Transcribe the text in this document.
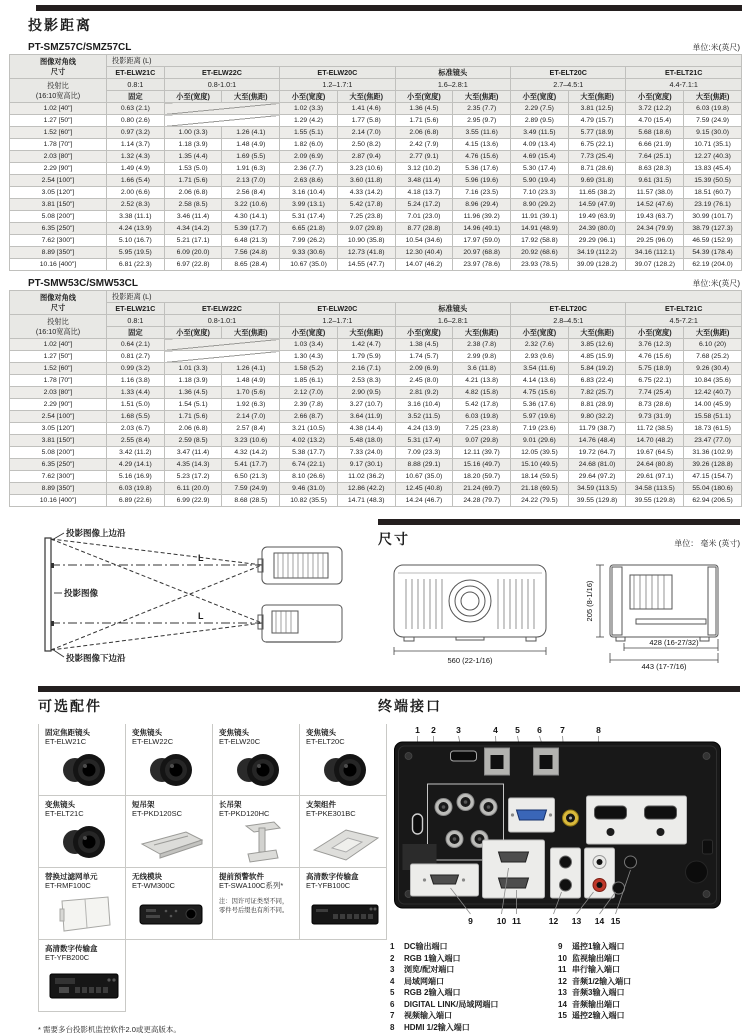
投影距离
PT-SMZ57C/SMZ57CL	单位:米(英尺)
图像对角线
尺寸	投影距离 (L)										
	ET-ELW21C	ET-ELW22C		ET-ELW20C		标准镜头		ET-ELT20C		ET-ELT21C	
投射比
(16:10宽高比)	0.8:1	0.8-1.0:1		1.2–1.7:1		1.6–2.8:1		2.7–4.5:1		4.4-7.1:1	
	固定	小至(宽度)	大至(焦距)	小至(宽度)	大至(焦距)	小至(宽度)	大至(焦距)	小至(宽度)	大至(焦距)	小至(宽度)	大至(焦距)
1.02 [40"]	0.63 (2.1)			1.02 (3.3)	1.41 (4.6)	1.36 (4.5)	2.35 (7.7)	2.29 (7.5)	3.81 (12.5)	3.72 (12.2)	6.03 (19.8)
1.27 [50"]	0.80 (2.6)			1.29 (4.2)	1.77 (5.8)	1.71 (5.6)	2.95 (9.7)	2.89 (9.5)	4.79 (15.7)	4.70 (15.4)	7.59 (24.9)
1.52 [60"]	0.97 (3.2)	1.00 (3.3)	1.26 (4.1)	1.55 (5.1)	2.14 (7.0)	2.06 (6.8)	3.55 (11.6)	3.49 (11.5)	5.77 (18.9)	5.68 (18.6)	9.15 (30.0)
1.78 [70"]	1.14 (3.7)	1.18 (3.9)	1.48 (4.9)	1.82 (6.0)	2.50 (8.2)	2.42 (7.9)	4.15 (13.6)	4.09 (13.4)	6.75 (22.1)	6.66 (21.9)	10.71 (35.1)
2.03 [80"]	1.32 (4.3)	1.35 (4.4)	1.69 (5.5)	2.09 (6.9)	2.87 (9.4)	2.77 (9.1)	4.76 (15.6)	4.69 (15.4)	7.73 (25.4)	7.64 (25.1)	12.27 (40.3)
2.29 [90"]	1.49 (4.9)	1.53 (5.0)	1.91 (6.3)	2.36 (7.7)	3.23 (10.6)	3.12 (10.2)	5.36 (17.6)	5.30 (17.4)	8.71 (28.6)	8.63 (28.3)	13.83 (45.4)
2.54 [100"]	1.66 (5.4)	1.71 (5.6)	2.13 (7.0)	2.63 (8.6)	3.60 (11.8)	3.48 (11.4)	5.96 (19.6)	5.90 (19.4)	9.69 (31.8)	9.61 (31.5)	15.39 (50.5)
3.05 [120"]	2.00 (6.6)	2.06 (6.8)	2.56 (8.4)	3.16 (10.4)	4.33 (14.2)	4.18 (13.7)	7.16 (23.5)	7.10 (23.3)	11.65 (38.2)	11.57 (38.0)	18.51 (60.7)
3.81 [150"]	2.52 (8.3)	2.58 (8.5)	3.22 (10.6)	3.99 (13.1)	5.42 (17.8)	5.24 (17.2)	8.96 (29.4)	8.90 (29.2)	14.59 (47.9)	14.52 (47.6)	23.19 (76.1)
5.08 [200"]	3.38 (11.1)	3.46 (11.4)	4.30 (14.1)	5.31 (17.4)	7.25 (23.8)	7.01 (23.0)	11.96 (39.2)	11.91 (39.1)	19.49 (63.9)	19.43 (63.7)	30.99 (101.7)
6.35 [250"]	4.24 (13.9)	4.34 (14.2)	5.39 (17.7)	6.65 (21.8)	9.07 (29.8)	8.77 (28.8)	14.96 (49.1)	14.91 (48.9)	24.39 (80.0)	24.34 (79.9)	38.79 (127.3)
7.62 [300"]	5.10 (16.7)	5.21 (17.1)	6.48 (21.3)	7.99 (26.2)	10.90 (35.8)	10.54 (34.6)	17.97 (59.0)	17.92 (58.8)	29.29 (96.1)	29.25 (96.0)	46.59 (152.9)
8.89 [350"]	5.95 (19.5)	6.09 (20.0)	7.56 (24.8)	9.33 (30.6)	12.73 (41.8)	12.30 (40.4)	20.97 (68.8)	20.92 (68.6)	34.19 (112.2)	34.16 (112.1)	54.39 (178.4)
10.16 [400"]	6.81 (22.3)	6.97 (22.8)	8.65 (28.4)	10.67 (35.0)	14.55 (47.7)	14.07 (46.2)	23.97 (78.6)	23.93 (78.5)	39.09 (128.2)	39.07 (128.2)	62.19 (204.0)
PT-SMW53C/SMW53CL	单位:米(英尺)
图像对角线
尺寸	投影距离 (L)										
	ET-ELW21C	ET-ELW22C		ET-ELW20C		标准镜头		ET-ELT20C		ET-ELT21C	
投射比
(16:10宽高比)	0.8:1	0.8-1.0:1		1.2–1.7:1		1.6–2.8:1		2.8–4.5:1		4.5-7.2:1	
	固定	小至(宽度)	大至(焦距)	小至(宽度)	大至(焦距)	小至(宽度)	大至(焦距)	小至(宽度)	大至(焦距)	小至(宽度)	大至(焦距)
1.02 [40"]	0.64 (2.1)			1.03 (3.4)	1.42 (4.7)	1.38 (4.5)	2.38 (7.8)	2.32 (7.6)	3.85 (12.6)	3.76 (12.3)	6.10 (20)
1.27 [50"]	0.81 (2.7)			1.30 (4.3)	1.79 (5.9)	1.74 (5.7)	2.99 (9.8)	2.93 (9.6)	4.85 (15.9)	4.76 (15.6)	7.68 (25.2)
1.52 [60"]	0.99 (3.2)	1.01 (3.3)	1.26 (4.1)	1.58 (5.2)	2.16 (7.1)	2.09 (6.9)	3.6 (11.8)	3.54 (11.6)	5.84 (19.2)	5.75 (18.9)	9.26 (30.4)
1.78 [70"]	1.16 (3.8)	1.18 (3.9)	1.48 (4.9)	1.85 (6.1)	2.53 (8.3)	2.45 (8.0)	4.21 (13.8)	4.14 (13.6)	6.83 (22.4)	6.75 (22.1)	10.84 (35.6)
2.03 [80"]	1.33 (4.4)	1.36 (4.5)	1.70 (5.6)	2.12 (7.0)	2.90 (9.5)	2.81 (9.2)	4.82 (15.8)	4.75 (15.6)	7.82 (25.7)	7.74 (25.4)	12.42 (40.7)
2.29 [90"]	1.51 (5.0)	1.54 (5.1)	1.92 (6.3)	2.39 (7.8)	3.27 (10.7)	3.16 (10.4)	5.42 (17.8)	5.36 (17.6)	8.81 (28.9)	8.73 (28.6)	14.00 (45.9)
2.54 [100"]	1.68 (5.5)	1.71 (5.6)	2.14 (7.0)	2.66 (8.7)	3.64 (11.9)	3.52 (11.5)	6.03 (19.8)	5.97 (19.6)	9.80 (32.2)	9.73 (31.9)	15.58 (51.1)
3.05 [120"]	2.03 (6.7)	2.06 (6.8)	2.57 (8.4)	3.21 (10.5)	4.38 (14.4)	4.24 (13.9)	7.25 (23.8)	7.19 (23.6)	11.79 (38.7)	11.72 (38.5)	18.73 (61.5)
3.81 [150"]	2.55 (8.4)	2.59 (8.5)	3.23 (10.6)	4.02 (13.2)	5.48 (18.0)	5.31 (17.4)	9.07 (29.8)	9.01 (29.6)	14.76 (48.4)	14.70 (48.2)	23.47 (77.0)
5.08 [200"]	3.42 (11.2)	3.47 (11.4)	4.32 (14.2)	5.38 (17.7)	7.33 (24.0)	7.09 (23.3)	12.11 (39.7)	12.05 (39.5)	19.72 (64.7)	19.67 (64.5)	31.36 (102.9)
6.35 [250"]	4.29 (14.1)	4.35 (14.3)	5.41 (17.7)	6.74 (22.1)	9.17 (30.1)	8.88 (29.1)	15.16 (49.7)	15.10 (49.5)	24.68 (81.0)	24.64 (80.8)	39.26 (128.8)
7.62 [300"]	5.16 (16.9)	5.23 (17.2)	6.50 (21.3)	8.10 (26.6)	11.02 (36.2)	10.67 (35.0)	18.20 (59.7)	18.14 (59.5)	29.64 (97.2)	29.61 (97.1)	47.15 (154.7)
8.89 [350"]	6.03 (19.8)	6.11 (20.0)	7.59 (24.9)	9.46 (31.0)	12.86 (42.2)	12.45 (40.8)	21.24 (69.7)	21.18 (69.5)	34.59 (113.5)	34.58 (113.5)	55.04 (180.6)
10.16 [400"]	6.89 (22.6)	6.99 (22.9)	8.68 (28.5)	10.82 (35.5)	14.71 (48.3)	14.24 (46.7)	24.28 (79.7)	24.22 (79.5)	39.55 (129.8)	39.55 (129.8)	62.94 (206.5)
L
L
投影图像上边沿
投影图像
投影图像下边沿
尺寸	单位： 毫米 (英寸)
560 (22-1/16)
205 (8-1/16)
428 (16-27/32)
443 (17-7/16)
可选配件
固定焦距镜头
ET-ELW21C
变焦镜头
ET-ELW22C
变焦镜头
ET-ELW20C
变焦镜头
ET-ELT20C
变焦镜头
ET-ELT21C
短吊架
ET-PKD120SC
长吊架
ET-PKD120HC
支架组件
ET-PKE301BC
替换过滤网单元
ET-RMF100C
无线模块
ET-WM300C
提前预警软件
ET-SWA100C系列*
注：因许可证类型不同，
零件号后缀也有所不同。
高清数字传输盒
ET-YFB100C
高清数字传输盒
ET-YFB200C
* 需要多台投影机监控软件2.0或更高版本。
终端接口
1 2 3	4 5 6 7	8
9	10 11	12 13 14 15
1 DC输出端口
2 RGB 1输入端口
3 浏览/配对端口
4 局域网端口
5 RGB 2输入端口
6 DIGITAL LINK/局域网端口
7 视频输入端口
8 HDMI 1/2输入端口
9 遥控1输入端口
10 监视输出端口
11 串行输入端口
12 音频1/2输入端口
13 音频3输入端口
14 音频输出端口
15 遥控2输入端口
